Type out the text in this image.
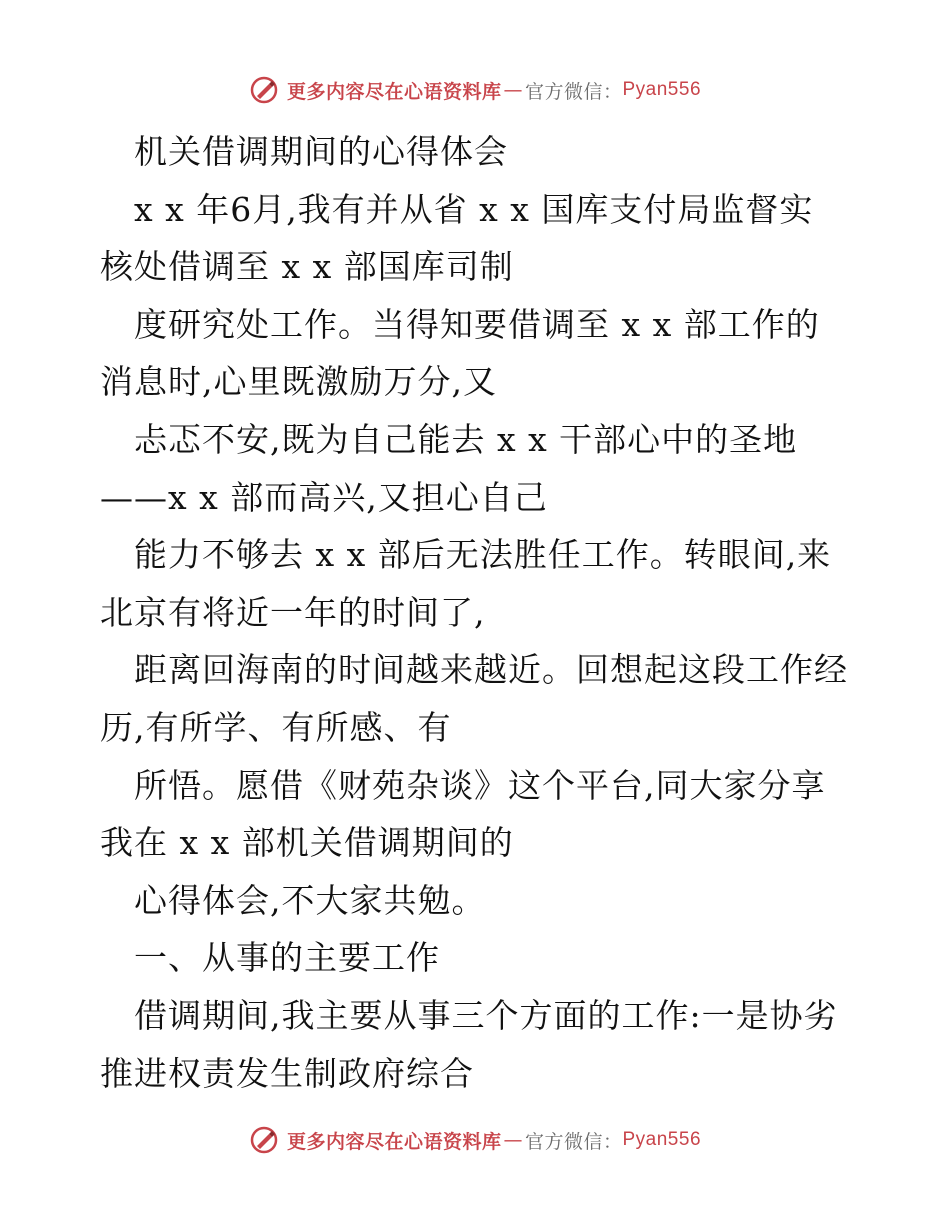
更多内容尽在心语资料库 — 官方微信： Pyan556
机关借调期间的心得体会
x x 年6月,我有并从省 x x 国库支付局监督实
核处借调至 x x 部国库司制
度研究处工作。当得知要借调至 x x 部工作的
消息时,心里既激励万分,又
忐忑不安,既为自己能去 x x 干部心中的圣地
——x x 部而高兴,又担心自己
能力不够去 x x 部后无法胜任工作。转眼间,来
北京有将近一年的时间了,
距离回海南的时间越来越近。回想起这段工作经
历,有所学、有所感、有
所悟。愿借《财苑杂谈》这个平台,同大家分享
我在 x x 部机关借调期间的
心得体会,不大家共勉。
一、从事的主要工作
借调期间,我主要从事三个方面的工作:一是协劣
推进权责发生制政府综合
更多内容尽在心语资料库 — 官方微信： Pyan556
